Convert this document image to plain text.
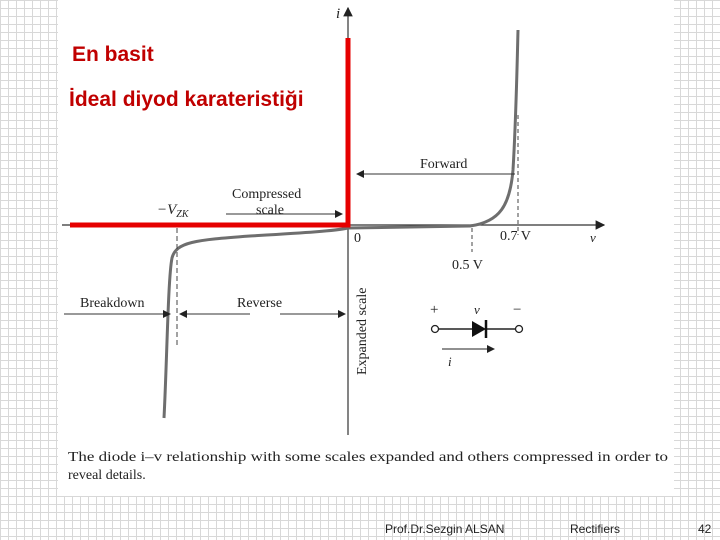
i
v
0
Forward
Compressed
scale
$-V_{ZK}$
0.7 V
0.5 V
Breakdown	Reverse	Expanded scale	+	−
v
i
The diode i–v relationship with some scales expanded and others compressed in order to
reveal details.
En basit
İdeal diyod karateristiği
Prof.Dr.Sezgin ALSAN	Rectifiers	42
